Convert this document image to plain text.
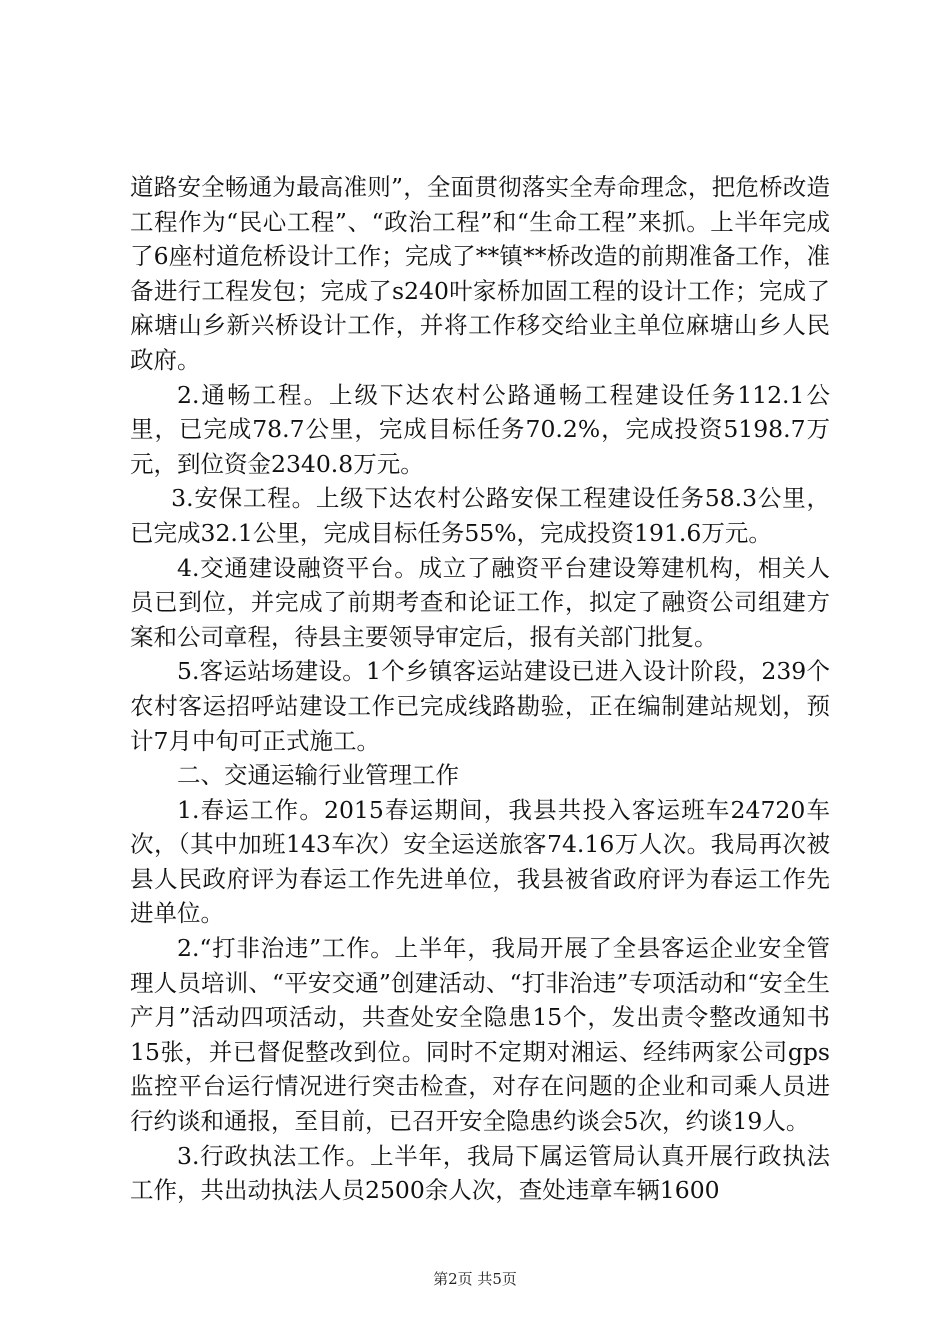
道路安全畅通为最高准则”，全面贯彻落实全寿命理念，把危桥改造工程作为“民心工程”、“政治工程”和“生命工程”来抓。上半年完成了6座村道危桥设计工作；完成了**镇**桥改造的前期准备工作，准备进行工程发包；完成了s240叶家桥加固工程的设计工作；完成了麻塘山乡新兴桥设计工作，并将工作移交给业主单位麻塘山乡人民政府。

2.通畅工程。上级下达农村公路通畅工程建设任务112.1公里，已完成78.7公里，完成目标任务70.2%，完成投资5198.7万元，到位资金2340.8万元。

3.安保工程。上级下达农村公路安保工程建设任务58.3公里，已完成32.1公里，完成目标任务55%，完成投资191.6万元。

4.交通建设融资平台。成立了融资平台建设筹建机构，相关人员已到位，并完成了前期考查和论证工作，拟定了融资公司组建方案和公司章程，待县主要领导审定后，报有关部门批复。

5.客运站场建设。1个乡镇客运站建设已进入设计阶段，239个农村客运招呼站建设工作已完成线路勘验，正在编制建站规划，预计7月中旬可正式施工。

二、交通运输行业管理工作

1.春运工作。2015春运期间，我县共投入客运班车24720车次，（其中加班143车次）安全运送旅客74.16万人次。我局再次被县人民政府评为春运工作先进单位，我县被省政府评为春运工作先进单位。

2.“打非治违”工作。上半年，我局开展了全县客运企业安全管理人员培训、“平安交通”创建活动、“打非治违”专项活动和“安全生产月”活动四项活动，共查处安全隐患15个，发出责令整改通知书15张，并已督促整改到位。同时不定期对湘运、经纬两家公司gps监控平台运行情况进行突击检查，对存在问题的企业和司乘人员进行约谈和通报，至目前，已召开安全隐患约谈会5次，约谈19人。

3.行政执法工作。上半年，我局下属运管局认真开展行政执法工作，共出动执法人员2500余人次，查处违章车辆1600

第2页 共5页
